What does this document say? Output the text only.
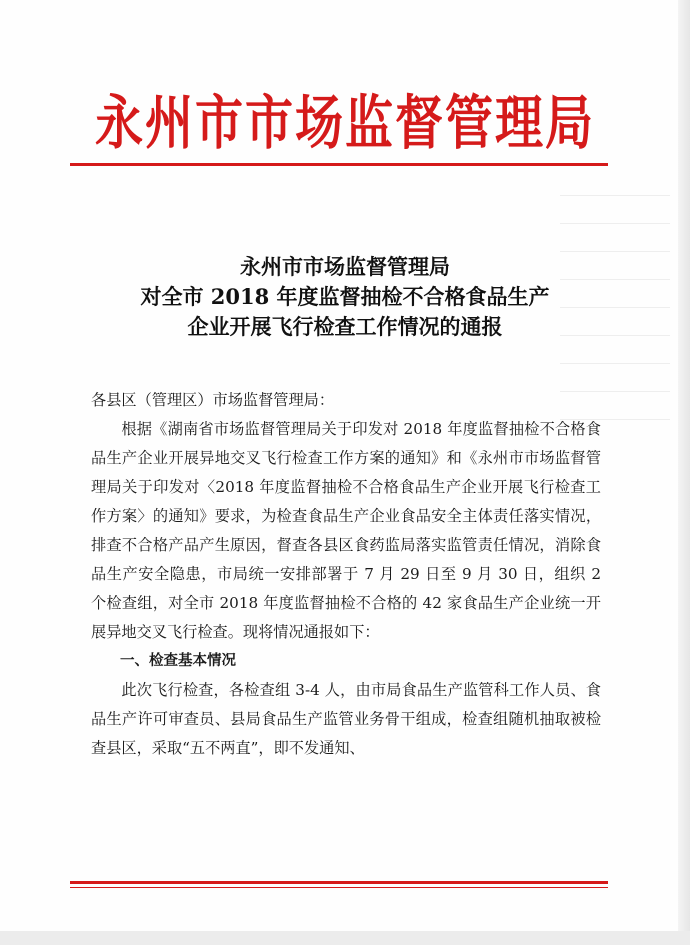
永州市市场监督管理局
永州市市场监督管理局
对全市 2018 年度监督抽检不合格食品生产
企业开展飞行检查工作情况的通报

各县区（管理区）市场监督管理局：

根据《湖南省市场监督管理局关于印发对 2018 年度监督抽检不合格食品生产企业开展异地交叉飞行检查工作方案的通知》和《永州市市场监督管理局关于印发对〈2018 年度监督抽检不合格食品生产企业开展飞行检查工作方案〉的通知》要求，为检查食品生产企业食品安全主体责任落实情况，排查不合格产品产生原因，督查各县区食药监局落实监管责任情况，消除食品生产安全隐患，市局统一安排部署于 7 月 29 日至 9 月 30 日，组织 2 个检查组，对全市 2018 年度监督抽检不合格的 42 家食品生产企业统一开展异地交叉飞行检查。现将情况通报如下：

一、检查基本情况

此次飞行检查，各检查组 3-4 人，由市局食品生产监管科工作人员、食品生产许可审查员、县局食品生产监管业务骨干组成，检查组随机抽取被检查县区，采取“五不两直”，即不发通知、
